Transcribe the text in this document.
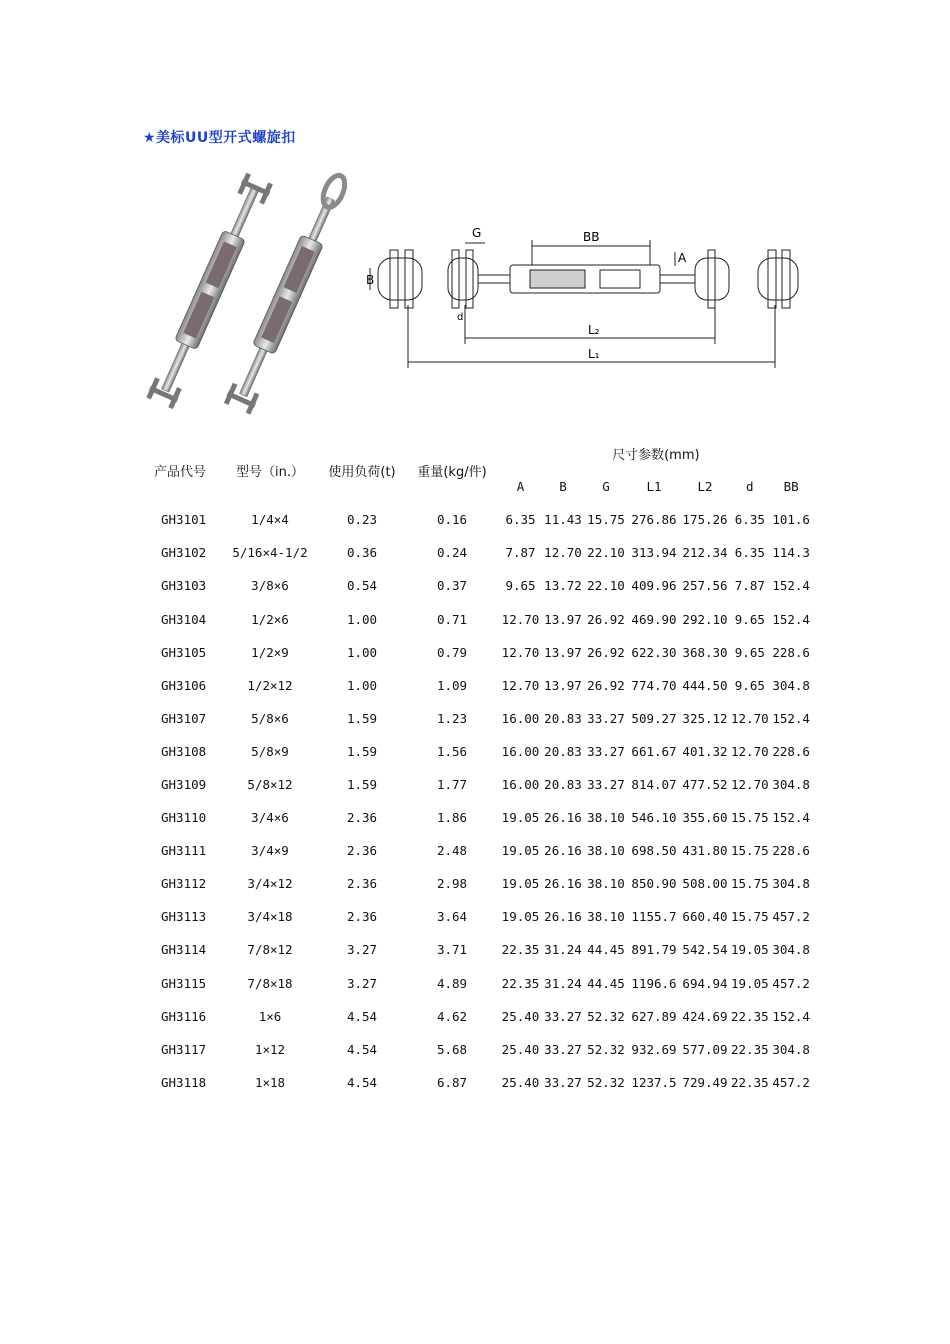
★美标UU型开式螺旋扣
G	BB
A
B
d
L₂
L₁
产品代号	型号（in.）	使用负荷(t)	重量(kg/件)	尺寸参数(mm)						
				A	B	G	L1	L2	d	BB
GH3101	1/4×4	0.23	0.16	6.35	11.43	15.75	276.86	175.26	6.35	101.6
GH3102	5/16×4-1/2	0.36	0.24	7.87	12.70	22.10	313.94	212.34	6.35	114.3
GH3103	3/8×6	0.54	0.37	9.65	13.72	22.10	409.96	257.56	7.87	152.4
GH3104	1/2×6	1.00	0.71	12.70	13.97	26.92	469.90	292.10	9.65	152.4
GH3105	1/2×9	1.00	0.79	12.70	13.97	26.92	622.30	368.30	9.65	228.6
GH3106	1/2×12	1.00	1.09	12.70	13.97	26.92	774.70	444.50	9.65	304.8
GH3107	5/8×6	1.59	1.23	16.00	20.83	33.27	509.27	325.12	12.70	152.4
GH3108	5/8×9	1.59	1.56	16.00	20.83	33.27	661.67	401.32	12.70	228.6
GH3109	5/8×12	1.59	1.77	16.00	20.83	33.27	814.07	477.52	12.70	304.8
GH3110	3/4×6	2.36	1.86	19.05	26.16	38.10	546.10	355.60	15.75	152.4
GH3111	3/4×9	2.36	2.48	19.05	26.16	38.10	698.50	431.80	15.75	228.6
GH3112	3/4×12	2.36	2.98	19.05	26.16	38.10	850.90	508.00	15.75	304.8
GH3113	3/4×18	2.36	3.64	19.05	26.16	38.10	1155.7	660.40	15.75	457.2
GH3114	7/8×12	3.27	3.71	22.35	31.24	44.45	891.79	542.54	19.05	304.8
GH3115	7/8×18	3.27	4.89	22.35	31.24	44.45	1196.6	694.94	19.05	457.2
GH3116	1×6	4.54	4.62	25.40	33.27	52.32	627.89	424.69	22.35	152.4
GH3117	1×12	4.54	5.68	25.40	33.27	52.32	932.69	577.09	22.35	304.8
GH3118	1×18	4.54	6.87	25.40	33.27	52.32	1237.5	729.49	22.35	457.2
